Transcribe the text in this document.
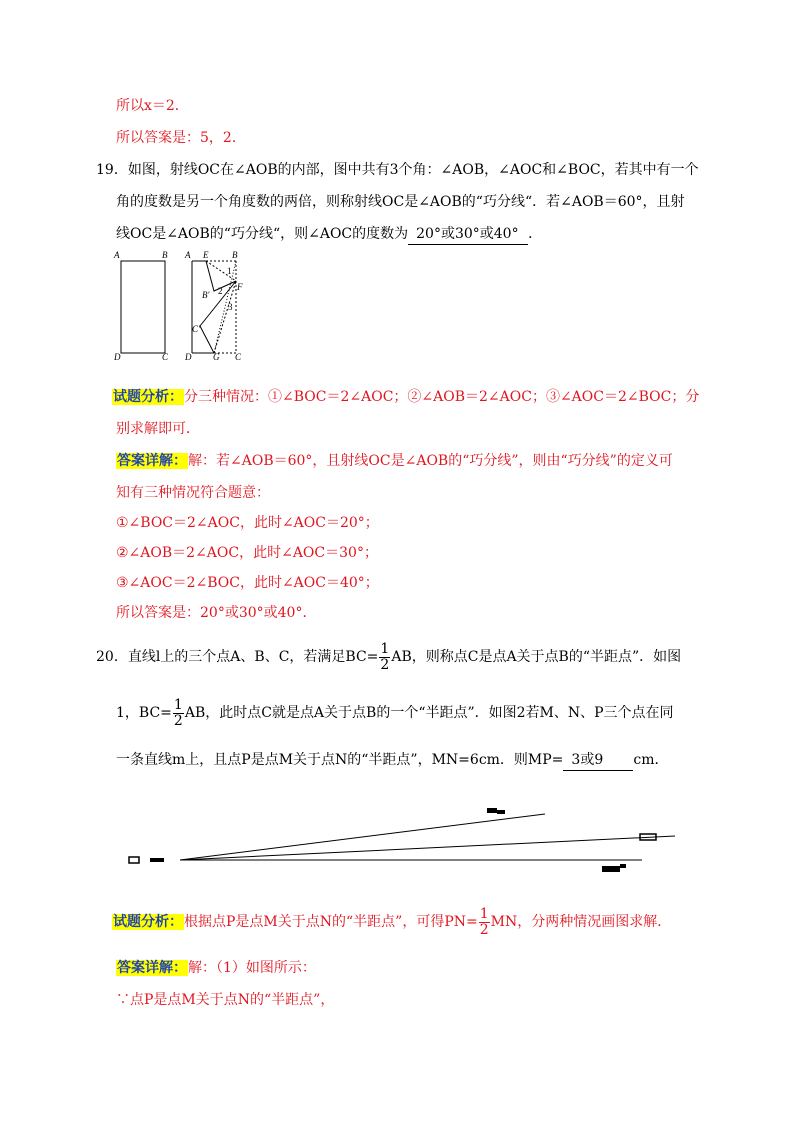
所以x＝2．
所以答案是：5，2．
19．如图，射线OC在∠AOB的内部，图中共有3个角：∠AOB，∠AOC和∠BOC，若其中有一个
角的度数是另一个角度数的两倍，则称射线OC是∠AOB的“巧分线“．若∠AOB＝60°，且射
线OC是∠AOB的“巧分线“，则∠AOC的度数为 20°或30°或40° ．
A	B
D	C
A E	B
1
B' 2 F
3
C'
D G C
试题分析：分三种情况：①∠BOC＝2∠AOC；②∠AOB＝2∠AOC；③∠AOC＝2∠BOC；分
别求解即可．
答案详解：解：若∠AOB＝60°，且射线OC是∠AOB的“巧分线”，则由“巧分线”的定义可
知有三种情况符合题意：
①∠BOC＝2∠AOC，此时∠AOC＝20°；
②∠AOB＝2∠AOC，此时∠AOC＝30°；
③∠AOC＝2∠BOC，此时∠AOC＝40°；
所以答案是：20°或30°或40°．
20．直线l上的三个点A、B、C，若满足$BC= \frac{1}{2}$ AB，则称点C是点A关于点B的“半距点”．如图
1，$BC= \frac{1}{2}$ AB，此时点C就是点A关于点B的一个“半距点”．如图2若M、N、P三个点在同
一条直线m上，且点P是点M关于点N的“半距点”，MN=6cm．则MP= 3或9 cm．
试题分析：根据点P是点M关于点N的“半距点”，可得$PN= \frac{1}{2}$ MN，分两种情况画图求解．
答案详解：解：（1）如图所示：
∵点P是点M关于点N的“半距点”，
